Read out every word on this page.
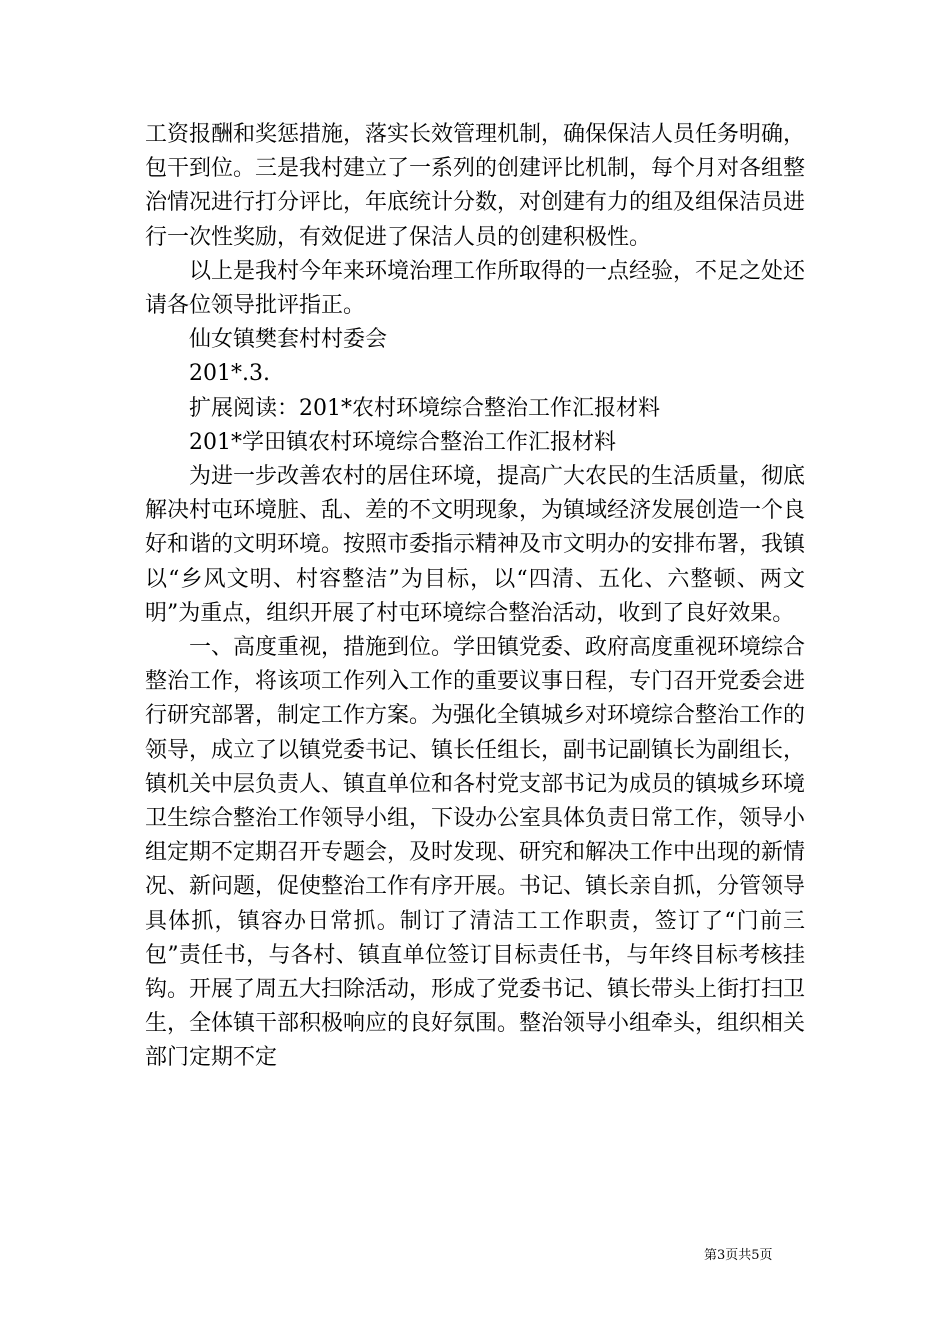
工资报酬和奖惩措施，落实长效管理机制，确保保洁人员任务明确，包干到位。三是我村建立了一系列的创建评比机制，每个月对各组整治情况进行打分评比，年底统计分数，对创建有力的组及组保洁员进行一次性奖励，有效促进了保洁人员的创建积极性。

以上是我村今年来环境治理工作所取得的一点经验，不足之处还请各位领导批评指正。

仙女镇樊套村村委会

201*.3.

扩展阅读：201*农村环境综合整治工作汇报材料

201*学田镇农村环境综合整治工作汇报材料

为进一步改善农村的居住环境，提高广大农民的生活质量，彻底解决村屯环境脏、乱、差的不文明现象，为镇域经济发展创造一个良好和谐的文明环境。按照市委指示精神及市文明办的安排布署，我镇以“乡风文明、村容整洁”为目标，以“四清、五化、六整顿、两文明”为重点，组织开展了村屯环境综合整治活动，收到了良好效果。

一、高度重视，措施到位。学田镇党委、政府高度重视环境综合整治工作，将该项工作列入工作的重要议事日程，专门召开党委会进行研究部署，制定工作方案。为强化全镇城乡对环境综合整治工作的领导，成立了以镇党委书记、镇长任组长，副书记副镇长为副组长，镇机关中层负责人、镇直单位和各村党支部书记为成员的镇城乡环境卫生综合整治工作领导小组，下设办公室具体负责日常工作，领导小组定期不定期召开专题会，及时发现、研究和解决工作中出现的新情况、新问题，促使整治工作有序开展。书记、镇长亲自抓，分管领导具体抓，镇容办日常抓。制订了清洁工工作职责，签订了“门前三包”责任书，与各村、镇直单位签订目标责任书，与年终目标考核挂钩。开展了周五大扫除活动，形成了党委书记、镇长带头上街打扫卫生，全体镇干部积极响应的良好氛围。整治领导小组牵头，组织相关部门定期不定

第3页共5页
